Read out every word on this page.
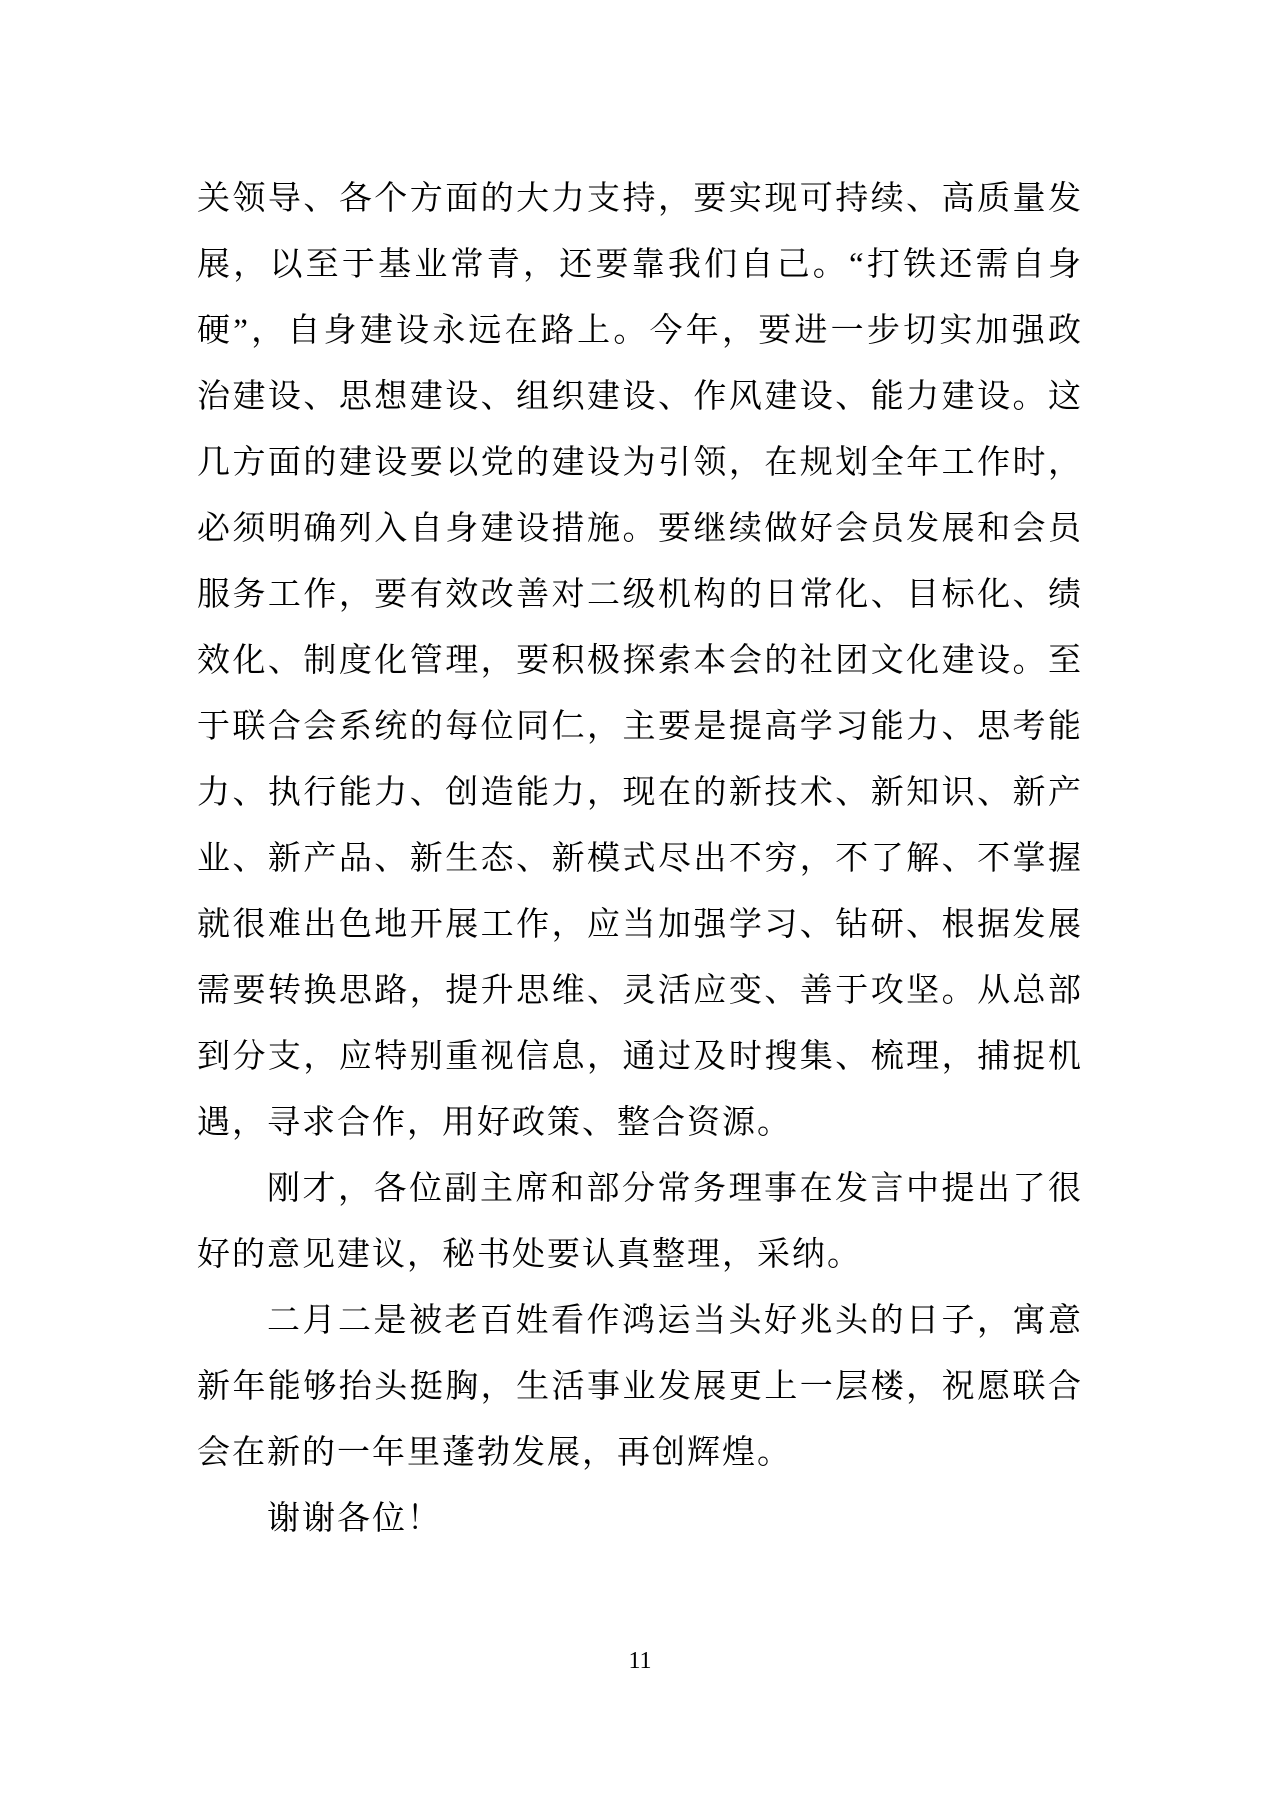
关领导、各个方面的大力支持，要实现可持续、高质量发
展，以至于基业常青，还要靠我们自己。“打铁还需自身
硬”，自身建设永远在路上。今年，要进一步切实加强政
治建设、思想建设、组织建设、作风建设、能力建设。这
几方面的建设要以党的建设为引领，在规划全年工作时，
必须明确列入自身建设措施。要继续做好会员发展和会员
服务工作，要有效改善对二级机构的日常化、目标化、绩
效化、制度化管理，要积极探索本会的社团文化建设。至
于联合会系统的每位同仁，主要是提高学习能力、思考能
力、执行能力、创造能力，现在的新技术、新知识、新产
业、新产品、新生态、新模式尽出不穷，不了解、不掌握
就很难出色地开展工作，应当加强学习、钻研、根据发展
需要转换思路，提升思维、灵活应变、善于攻坚。从总部
到分支，应特别重视信息，通过及时搜集、梳理，捕捉机
遇，寻求合作，用好政策、整合资源。
刚才，各位副主席和部分常务理事在发言中提出了很
好的意见建议，秘书处要认真整理，采纳。
二月二是被老百姓看作鸿运当头好兆头的日子，寓意
新年能够抬头挺胸，生活事业发展更上一层楼，祝愿联合
会在新的一年里蓬勃发展，再创辉煌。
谢谢各位！
11
